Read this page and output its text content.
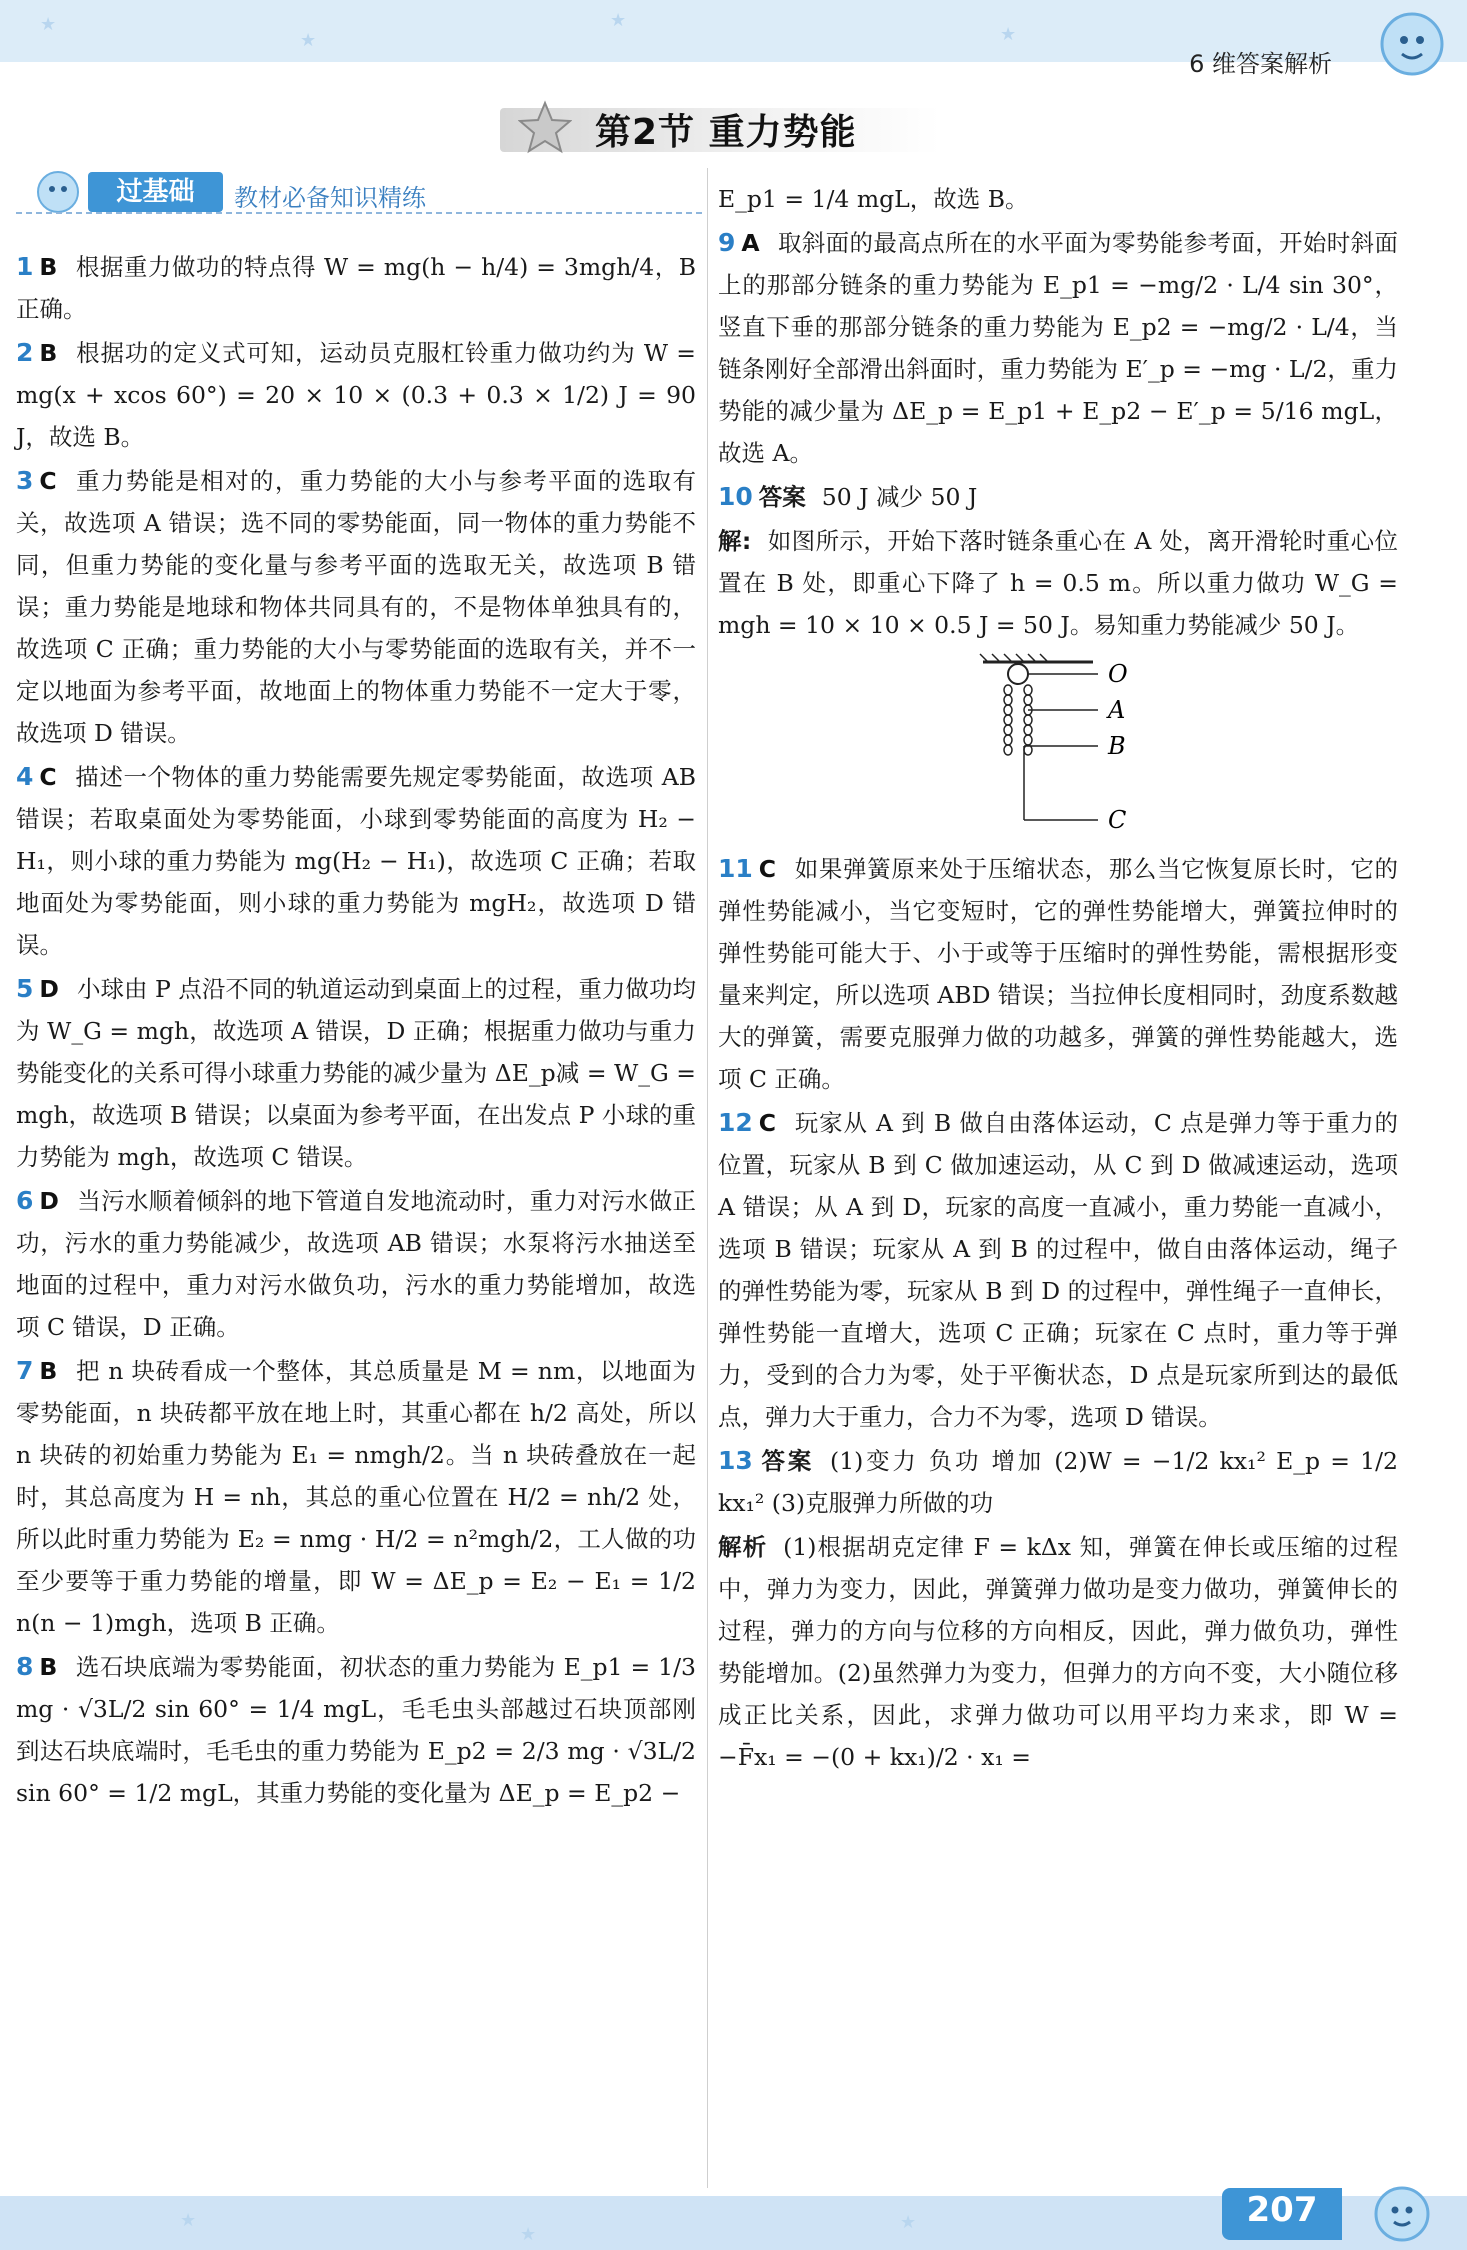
★
★
★
★
★
★
★
6 维答案解析
第2节 重力势能
过基础	教材必备知识精练

1 B 根据重力做功的特点得 W = mg(h − h/4) = 3mgh/4，B 正确。

2 B 根据功的定义式可知，运动员克服杠铃重力做功约为 W = mg(x + xcos 60°) = 20 × 10 × (0.3 + 0.3 × 1/2) J = 90 J，故选 B。

3 C 重力势能是相对的，重力势能的大小与参考平面的选取有关，故选项 A 错误；选不同的零势能面，同一物体的重力势能不同，但重力势能的变化量与参考平面的选取无关，故选项 B 错误；重力势能是地球和物体共同具有的，不是物体单独具有的，故选项 C 正确；重力势能的大小与零势能面的选取有关，并不一定以地面为参考平面，故地面上的物体重力势能不一定大于零，故选项 D 错误。

4 C 描述一个物体的重力势能需要先规定零势能面，故选项 AB 错误；若取桌面处为零势能面，小球到零势能面的高度为 H₂ − H₁，则小球的重力势能为 mg(H₂ − H₁)，故选项 C 正确；若取地面处为零势能面，则小球的重力势能为 mgH₂，故选项 D 错误。

5 D 小球由 P 点沿不同的轨道运动到桌面上的过程，重力做功均为 W_G = mgh，故选项 A 错误，D 正确；根据重力做功与重力势能变化的关系可得小球重力势能的减少量为 ΔE_p减 = W_G = mgh，故选项 B 错误；以桌面为参考平面，在出发点 P 小球的重力势能为 mgh，故选项 C 错误。

6 D 当污水顺着倾斜的地下管道自发地流动时，重力对污水做正功，污水的重力势能减少，故选项 AB 错误；水泵将污水抽送至地面的过程中，重力对污水做负功，污水的重力势能增加，故选项 C 错误，D 正确。

7 B 把 n 块砖看成一个整体，其总质量是 M = nm，以地面为零势能面，n 块砖都平放在地上时，其重心都在 h/2 高处，所以 n 块砖的初始重力势能为 E₁ = nmgh/2。当 n 块砖叠放在一起时，其总高度为 H = nh，其总的重心位置在 H/2 = nh/2 处，所以此时重力势能为 E₂ = nmg · H/2 = n²mgh/2，工人做的功至少要等于重力势能的增量，即 W = ΔE_p = E₂ − E₁ = 1/2 n(n − 1)mgh，选项 B 正确。

8 B 选石块底端为零势能面，初状态的重力势能为 E_p1 = 1/3 mg · √3L/2 sin 60° = 1/4 mgL，毛毛虫头部越过石块顶部刚到达石块底端时，毛毛虫的重力势能为 E_p2 = 2/3 mg · √3L/2 sin 60° = 1/2 mgL，其重力势能的变化量为 ΔE_p = E_p2 −

E_p1 = 1/4 mgL，故选 B。

9 A 取斜面的最高点所在的水平面为零势能参考面，开始时斜面上的那部分链条的重力势能为 E_p1 = −mg/2 · L/4 sin 30°，竖直下垂的那部分链条的重力势能为 E_p2 = −mg/2 · L/4，当链条刚好全部滑出斜面时，重力势能为 E′_p = −mg · L/2，重力势能的减少量为 ΔE_p = E_p1 + E_p2 − E′_p = 5/16 mgL，故选 A。

10 答案 50 J 减少 50 J

解: 如图所示，开始下落时链条重心在 A 处，离开滑轮时重心位置在 B 处，即重心下降了 h = 0.5 m。所以重力做功 W_G = mgh = 10 × 10 × 0.5 J = 50 J。易知重力势能减少 50 J。

O
A
B
C

11 C 如果弹簧原来处于压缩状态，那么当它恢复原长时，它的弹性势能减小，当它变短时，它的弹性势能增大，弹簧拉伸时的弹性势能可能大于、小于或等于压缩时的弹性势能，需根据形变量来判定，所以选项 ABD 错误；当拉伸长度相同时，劲度系数越大的弹簧，需要克服弹力做的功越多，弹簧的弹性势能越大，选项 C 正确。

12 C 玩家从 A 到 B 做自由落体运动，C 点是弹力等于重力的位置，玩家从 B 到 C 做加速运动，从 C 到 D 做减速运动，选项 A 错误；从 A 到 D，玩家的高度一直减小，重力势能一直减小，选项 B 错误；玩家从 A 到 B 的过程中，做自由落体运动，绳子的弹性势能为零，玩家从 B 到 D 的过程中，弹性绳子一直伸长，弹性势能一直增大，选项 C 正确；玩家在 C 点时，重力等于弹力，受到的合力为零，处于平衡状态，D 点是玩家所到达的最低点，弹力大于重力，合力不为零，选项 D 错误。

13 答案 (1)变力 负功 增加 (2)W = −1/2 kx₁² E_p = 1/2 kx₁² (3)克服弹力所做的功

解析 (1)根据胡克定律 F = kΔx 知，弹簧在伸长或压缩的过程中，弹力为变力，因此，弹簧弹力做功是变力做功，弹簧伸长的过程，弹力的方向与位移的方向相反，因此，弹力做负功，弹性势能增加。(2)虽然弹力为变力，但弹力的方向不变，大小随位移成正比关系，因此，求弹力做功可以用平均力来求，即 W = −F̄x₁ = −(0 + kx₁)/2 · x₁ =

207
